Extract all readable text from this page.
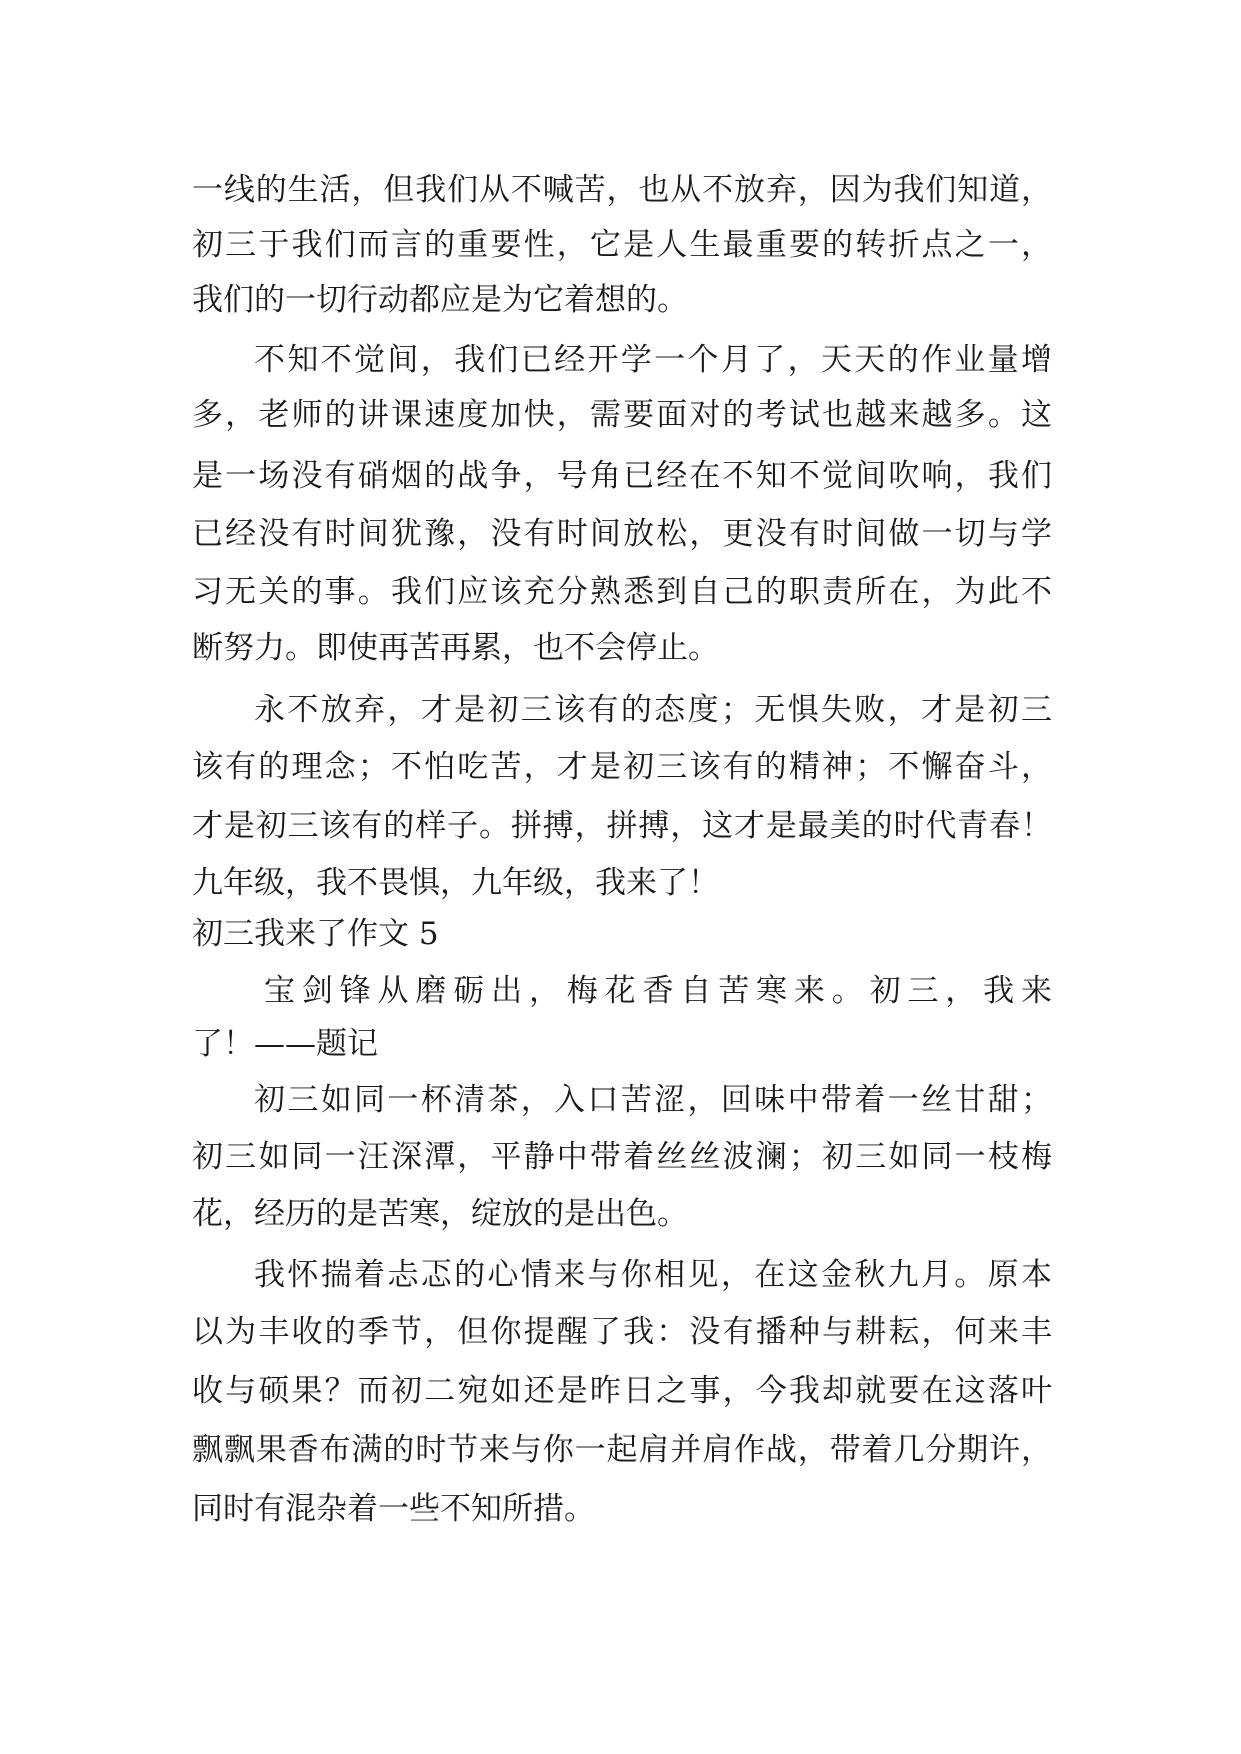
一线的生活，但我们从不喊苦，也从不放弃，因为我们知道，

初三于我们而言的重要性，它是人生最重要的转折点之一，

我们的一切行动都应是为它着想的。

不知不觉间，我们已经开学一个月了，天天的作业量增

多，老师的讲课速度加快，需要面对的考试也越来越多。这

是一场没有硝烟的战争，号角已经在不知不觉间吹响，我们

已经没有时间犹豫，没有时间放松，更没有时间做一切与学

习无关的事。我们应该充分熟悉到自己的职责所在，为此不

断努力。即使再苦再累，也不会停止。

永不放弃，才是初三该有的态度；无惧失败，才是初三

该有的理念；不怕吃苦，才是初三该有的精神；不懈奋斗，

才是初三该有的样子。拼搏，拼搏，这才是最美的时代青春！

九年级，我不畏惧，九年级，我来了！

初三我来了作文 5

宝剑锋从磨砺出，梅花香自苦寒来。初三，我来

了！——题记

初三如同一杯清茶，入口苦涩，回味中带着一丝甘甜；

初三如同一汪深潭，平静中带着丝丝波澜；初三如同一枝梅

花，经历的是苦寒，绽放的是出色。

我怀揣着忐忑的心情来与你相见，在这金秋九月。原本

以为丰收的季节，但你提醒了我：没有播种与耕耘，何来丰

收与硕果？而初二宛如还是昨日之事，今我却就要在这落叶

飘飘果香布满的时节来与你一起肩并肩作战，带着几分期许，

同时有混杂着一些不知所措。
